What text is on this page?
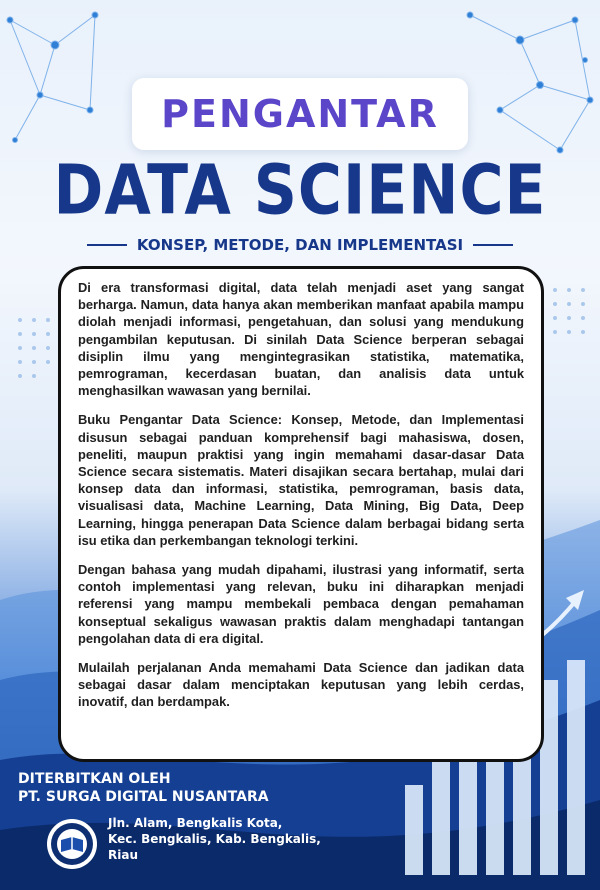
PENGANTAR
DATA SCIENCE
KONSEP, METODE, DAN IMPLEMENTASI

Di era transformasi digital, data telah menjadi aset yang sangat berharga. Namun, data hanya akan memberikan manfaat apabila mampu diolah menjadi informasi, pengetahuan, dan solusi yang mendukung pengambilan keputusan. Di sinilah Data Science berperan sebagai disiplin ilmu yang mengintegrasikan statistika, matematika, pemrograman, kecerdasan buatan, dan analisis data untuk menghasilkan wawasan yang bernilai.

Buku Pengantar Data Science: Konsep, Metode, dan Implementasi disusun sebagai panduan komprehensif bagi mahasiswa, dosen, peneliti, maupun praktisi yang ingin memahami dasar-dasar Data Science secara sistematis. Materi disajikan secara bertahap, mulai dari konsep data dan informasi, statistika, pemrograman, basis data, visualisasi data, Machine Learning, Data Mining, Big Data, Deep Learning, hingga penerapan Data Science dalam berbagai bidang serta isu etika dan perkembangan teknologi terkini.

Dengan bahasa yang mudah dipahami, ilustrasi yang informatif, serta contoh implementasi yang relevan, buku ini diharapkan menjadi referensi yang mampu membekali pembaca dengan pemahaman konseptual sekaligus wawasan praktis dalam menghadapi tantangan pengolahan data di era digital.

Mulailah perjalanan Anda memahami Data Science dan jadikan data sebagai dasar dalam menciptakan keputusan yang lebih cerdas, inovatif, dan berdampak.

DITERBITKAN OLEH
PT. SURGA DIGITAL NUSANTARA
Jln. Alam, Bengkalis Kota,
Kec. Bengkalis, Kab. Bengkalis,
Riau
